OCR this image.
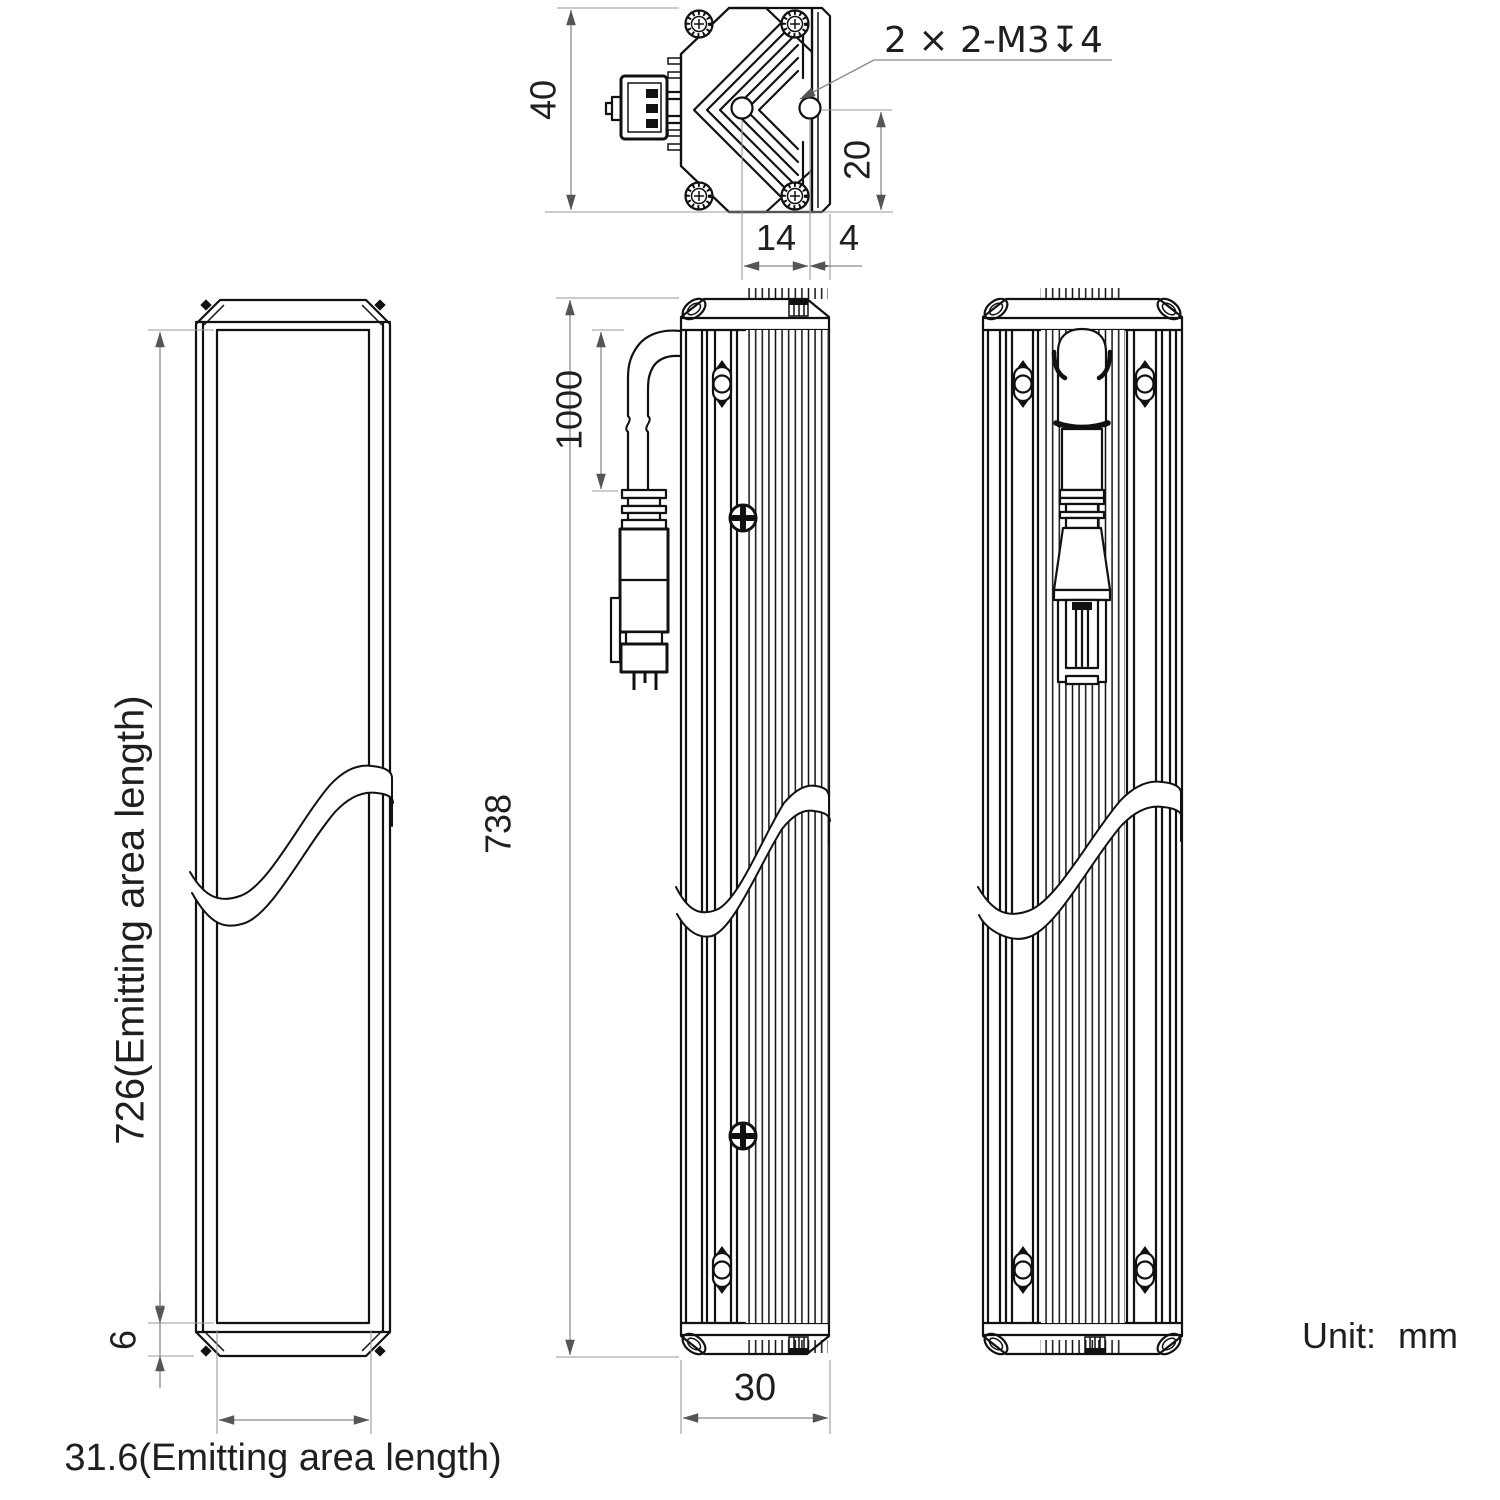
40
20
14 4
2 × 2-M3↧4
726(Emitting area length)
6
31.6(Emitting area length)
738
1000
30
Unit: mm
